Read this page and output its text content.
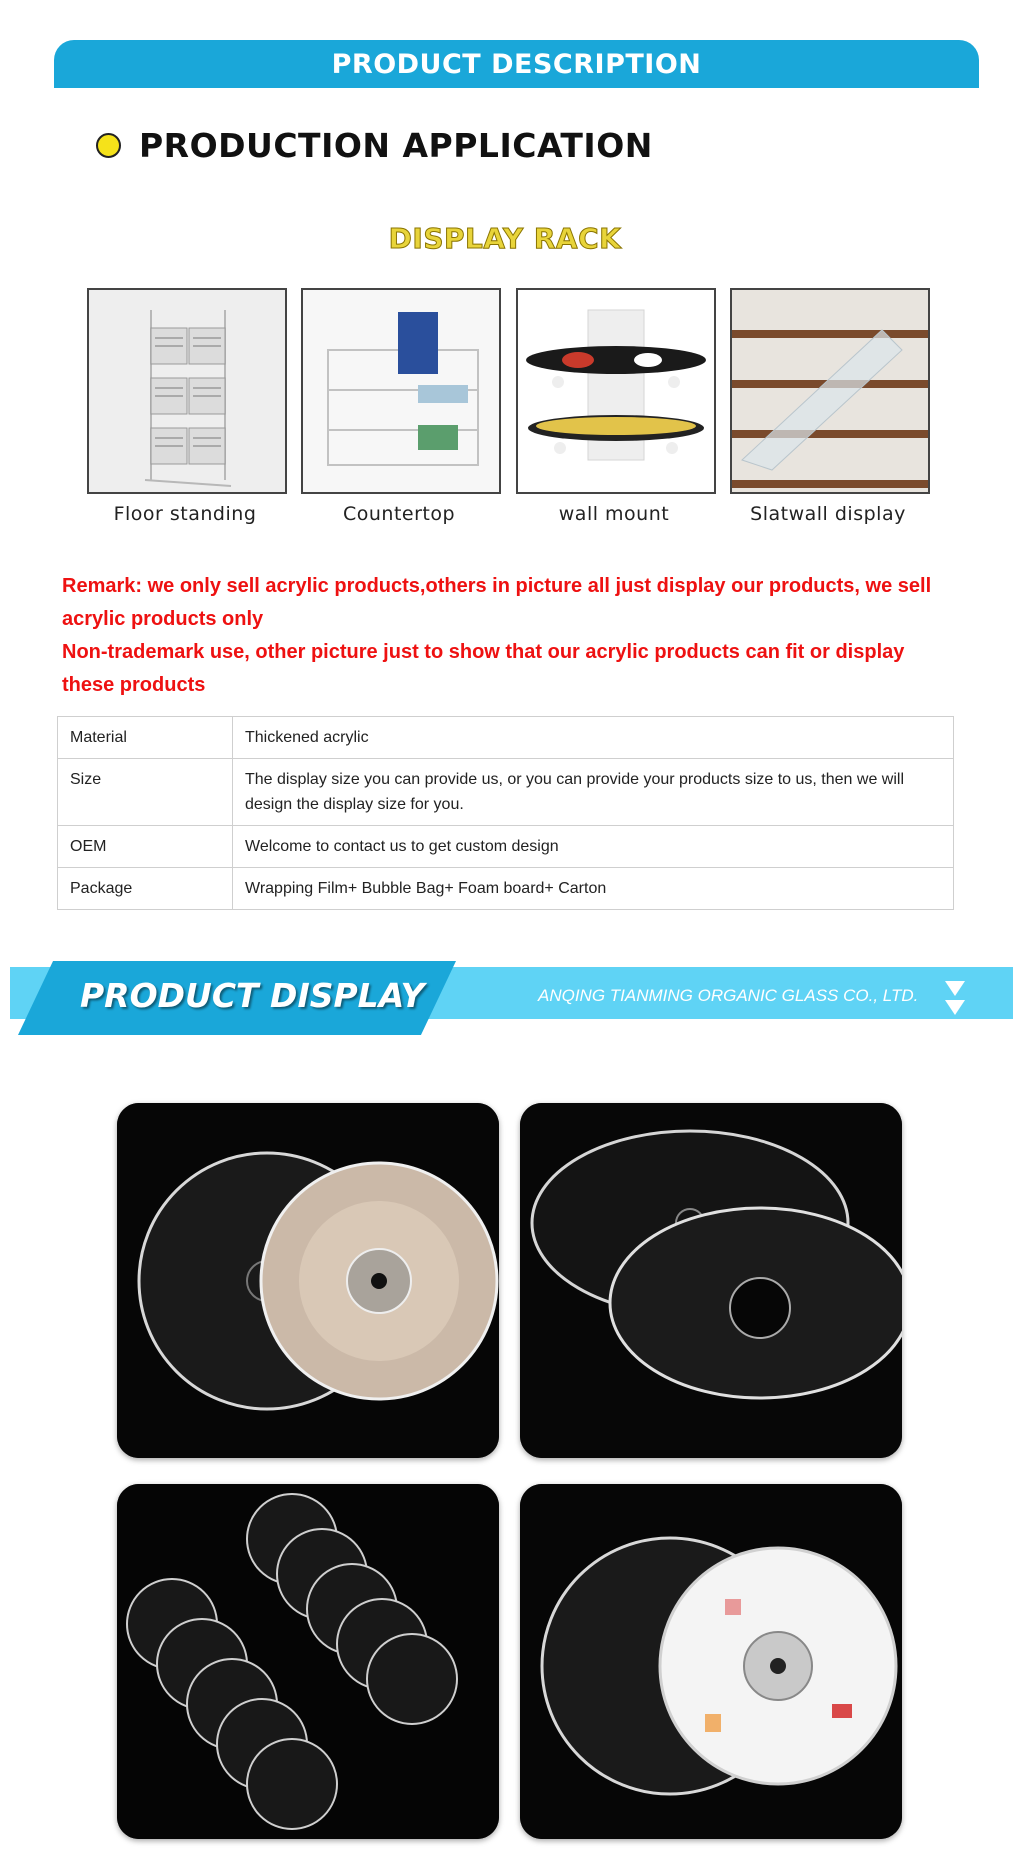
PRODUCT DESCRIPTION
PRODUCTION APPLICATION
DISPLAY RACK
Floor standing	Countertop	wall mount	Slatwall display

Remark: we only sell acrylic products,others in picture all just display our products, we sell acrylic products only

Non-trademark use, other picture just to show that our acrylic products can fit or display these products

Material	Thickened acrylic
Size	The display size you can provide us, or you can provide your products size to us, then we will design the display size for you.
OEM	Welcome to contact us to get custom design
Package	Wrapping Film+ Bubble Bag+ Foam board+ Carton
PRODUCT DISPLAY	ANQING TIANMING ORGANIC GLASS CO., LTD.
